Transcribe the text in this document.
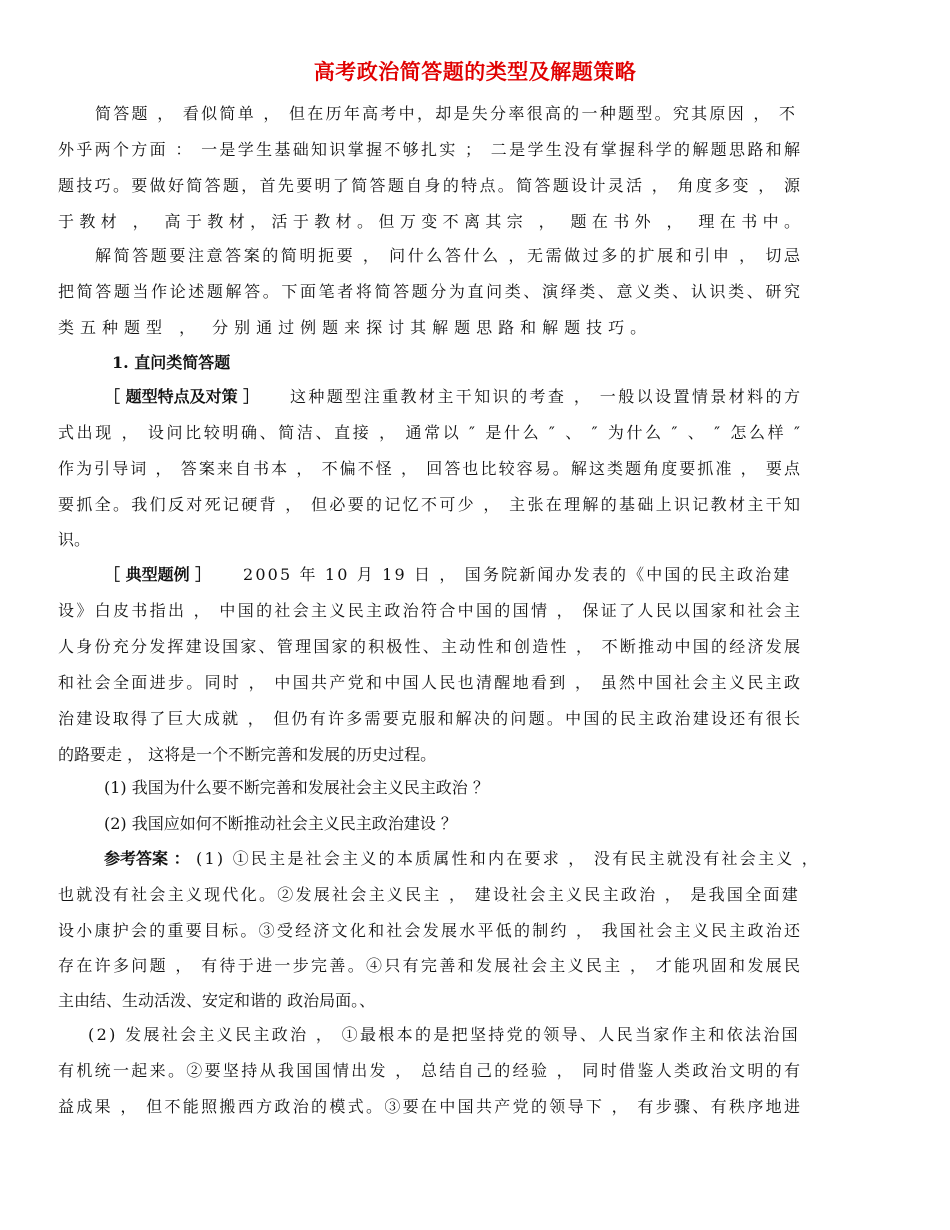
高考政治简答题的类型及解题策略
简答题 ， 看似简单 ， 但在历年高考中，却是失分率很高的一种题型。究其原因 ， 不
外乎两个方面 ： 一是学生基础知识掌握不够扎实 ； 二是学生没有掌握科学的解题思路和解
题技巧。要做好简答题，首先要明了简答题自身的特点。简答题设计灵活 ， 角度多变 ， 源
于教材 ， 高于教材，活于教材。但万变不离其宗 ， 题在书外 ， 理在书中。
解简答题要注意答案的简明扼要 ， 问什么答什么 ，无需做过多的扩展和引申 ， 切忌
把简答题当作论述题解答。下面笔者将简答题分为直问类、演绎类、意义类、认识类、研究
类五种题型 ， 分别通过例题来探讨其解题思路和解题技巧。
1. 直问类简答题
［ 题型特点及对策 ］ 这种题型注重教材主干知识的考查 ， 一般以设置情景材料的方
式出现 ， 设问比较明确、简洁、直接 ， 通常以 ″ 是什么 ″ 、 ″ 为什么 ″ 、 ″ 怎么样 ″
作为引导词 ， 答案来自书本 ， 不偏不怪 ， 回答也比较容易。解这类题角度要抓准 ， 要点
要抓全。我们反对死记硬背 ， 但必要的记忆不可少 ， 主张在理解的基础上识记教材主干知
识。
［ 典型题例 ］ 2005 年 10 月 19 日 ， 国务院新闻办发表的《中国的民主政治建
设》白皮书指出 ， 中国的社会主义民主政治符合中国的国情 ， 保证了人民以国家和社会主
人身份充分发挥建设国家、管理国家的积极性、主动性和创造性 ， 不断推动中国的经济发展
和社会全面进步。同时 ， 中国共产党和中国人民也清醒地看到 ， 虽然中国社会主义民主政
治建设取得了巨大成就 ， 但仍有许多需要克服和解决的问题。中国的民主政治建设还有很长
的路要走 ， 这将是一个不断完善和发展的历史过程。
(1) 我国为什么要不断完善和发展社会主义民主政治 ？
(2) 我国应如何不断推动社会主义民主政治建设 ？
参考答案 ： (1) ①民主是社会主义的本质属性和内在要求 ， 没有民主就没有社会主义 ，
也就没有社会主义现代化。②发展社会主义民主 ， 建设社会主义民主政治 ， 是我国全面建
设小康护会的重要目标。③受经济文化和社会发展水平低的制约 ， 我国社会主义民主政治还
存在许多问题 ， 有待于进一步完善。④只有完善和发展社会主义民主 ， 才能巩固和发展民
主由结、生动活泼、安定和谐的 政治局面。、
(2) 发展社会主义民主政治 ， ①最根本的是把坚持党的领导、人民当家作主和依法治国
有机统一起来。②要坚持从我国国情出发 ， 总结自己的经验 ， 同时借鉴人类政治文明的有
益成果 ， 但不能照搬西方政治的模式。③要在中国共产党的领导下 ， 有步骤、有秩序地进
